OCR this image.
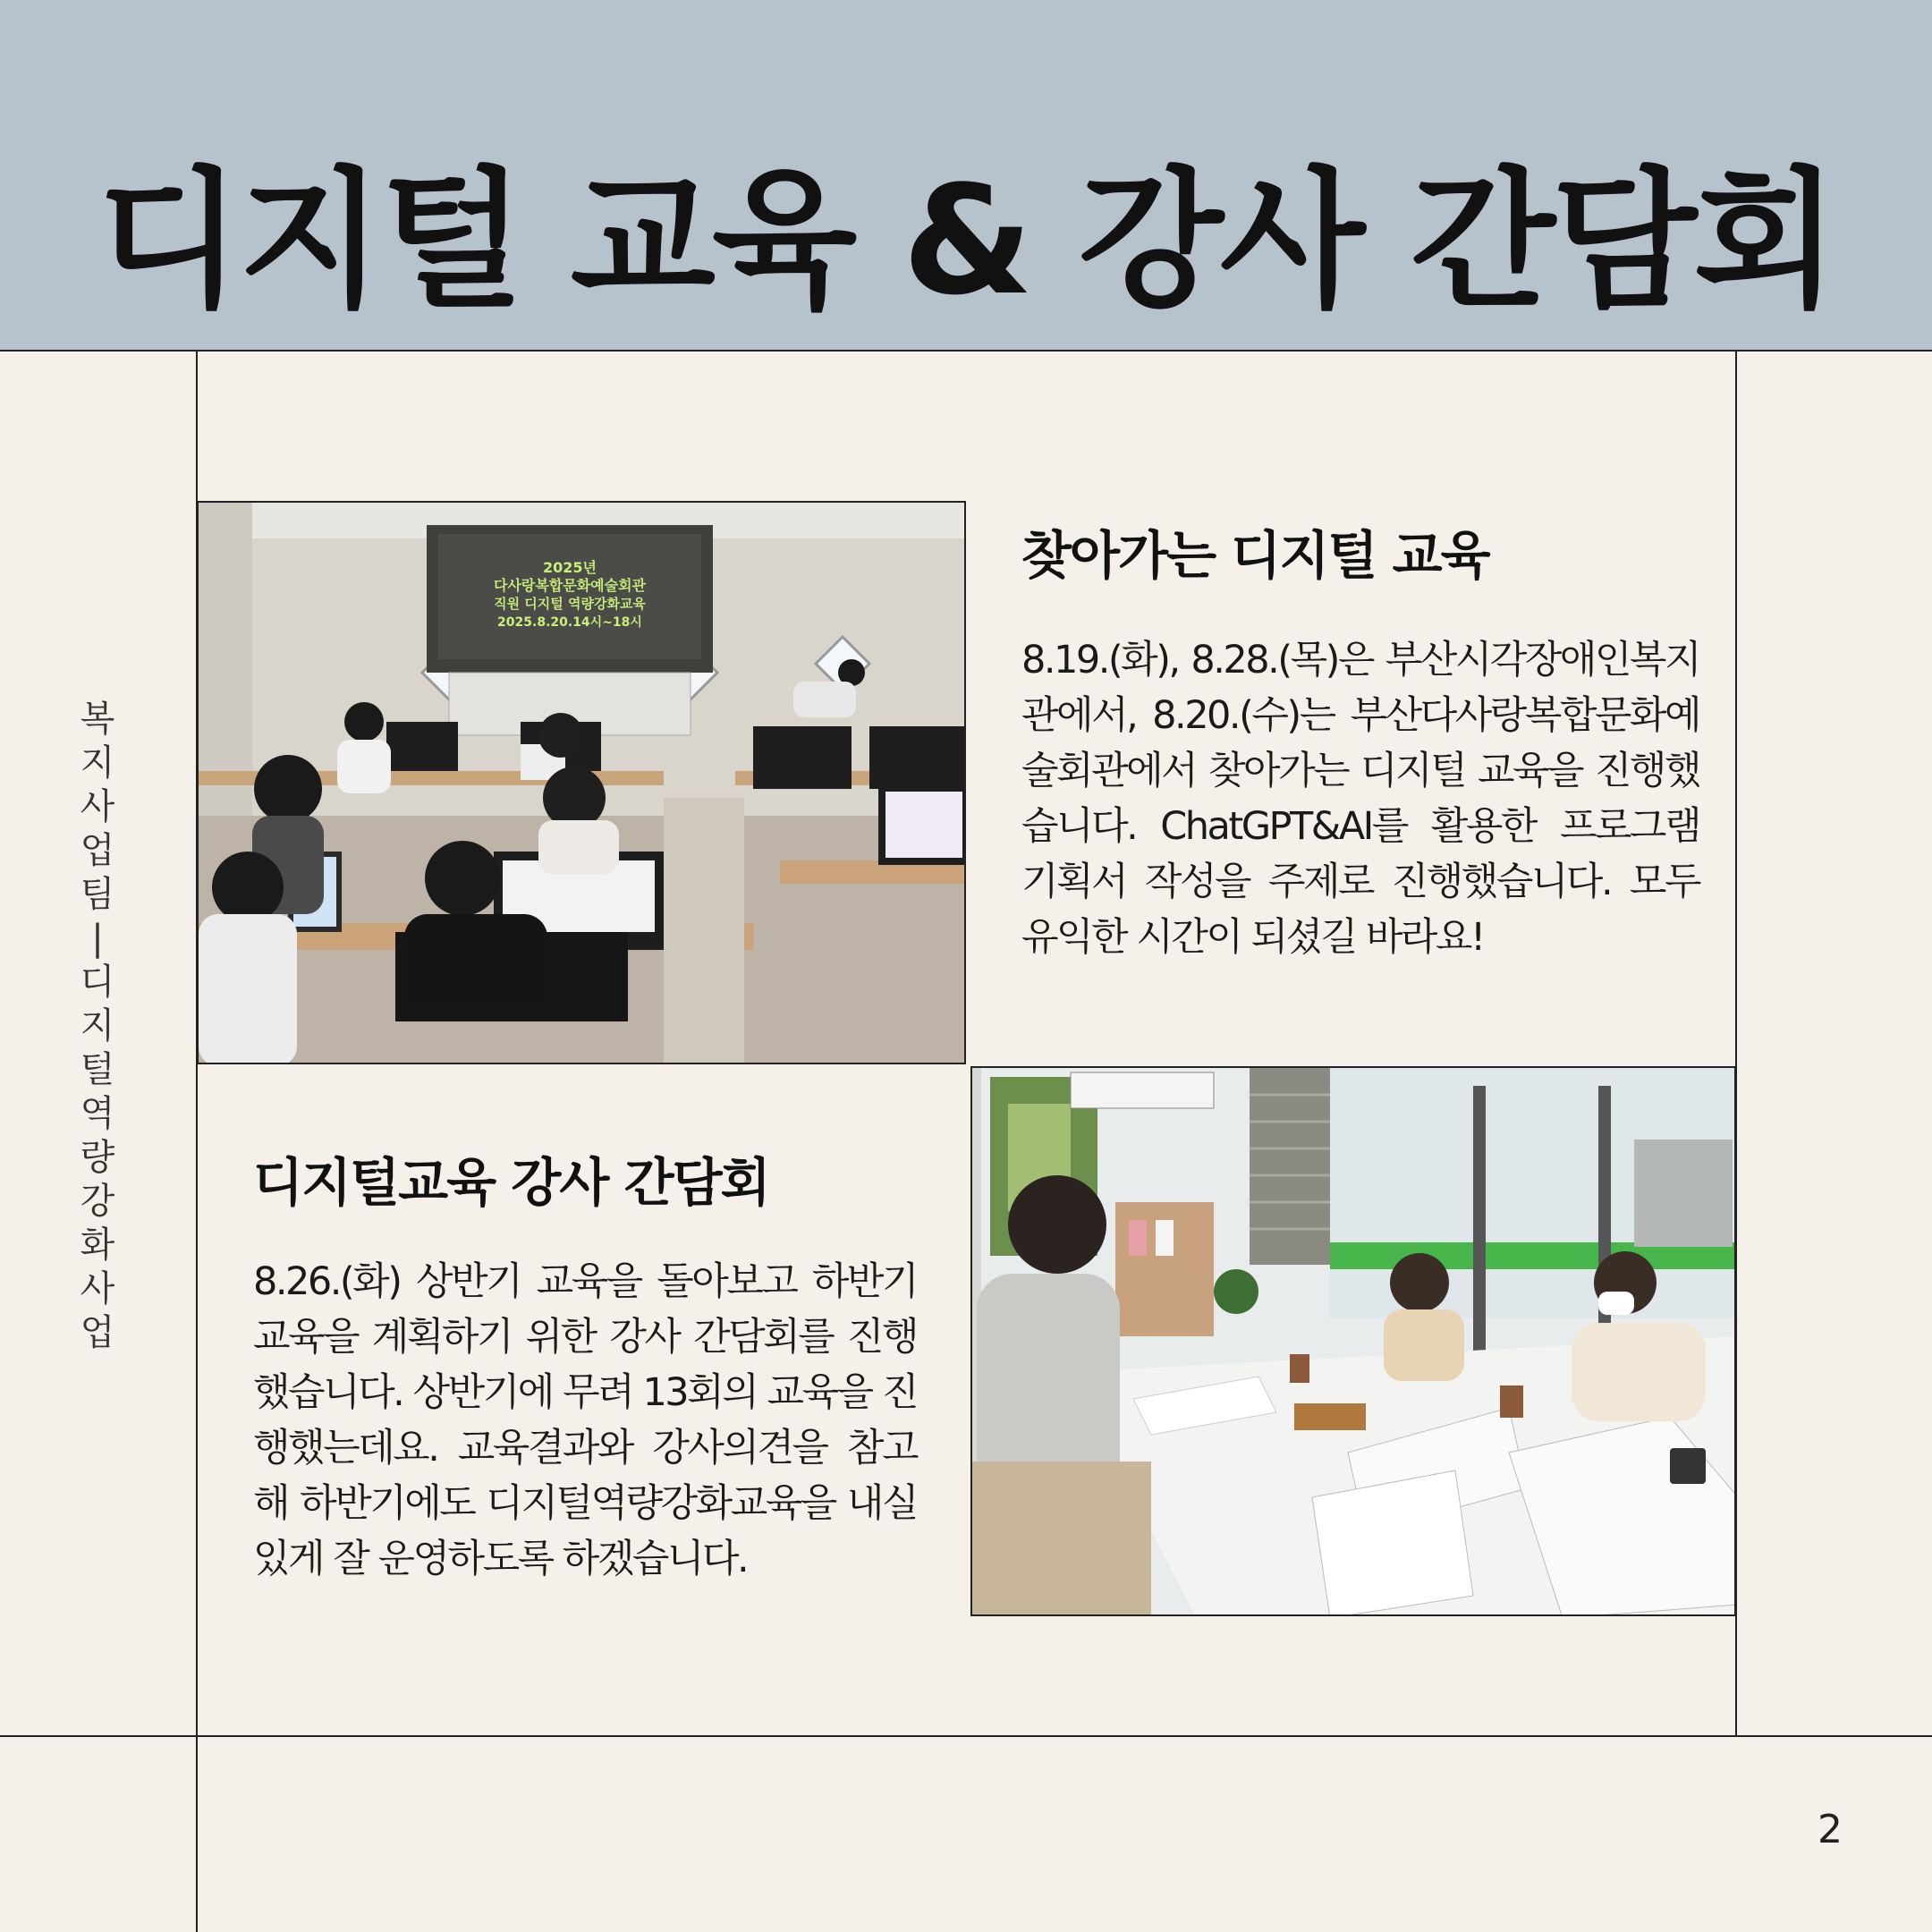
디지털 교육 & 강사 간담회
복지사업팀 | 디지털역량강화사업
2025년
다사랑복합문화예술회관
직원 디지털 역량강화교육
2025.8.20.14시~18시
찾아가는 디지털 교육

8.19.(화), 8.28.(목)은 부산시각장애인복지관에서, 8.20.(수)는 부산다사랑복합문화예술회관에서 찾아가는 디지털 교육을 진행했습니다. ChatGPT&AI를 활용한 프로그램 기획서 작성을 주제로 진행했습니다. 모두 유익한 시간이 되셨길 바라요!

디지털교육 강사 간담회

8.26.(화) 상반기 교육을 돌아보고 하반기 교육을 계획하기 위한 강사 간담회를 진행했습니다. 상반기에 무려 13회의 교육을 진행했는데요. 교육결과와 강사의견을 참고해 하반기에도 디지털역량강화교육을 내실있게 잘 운영하도록 하겠습니다.

2
